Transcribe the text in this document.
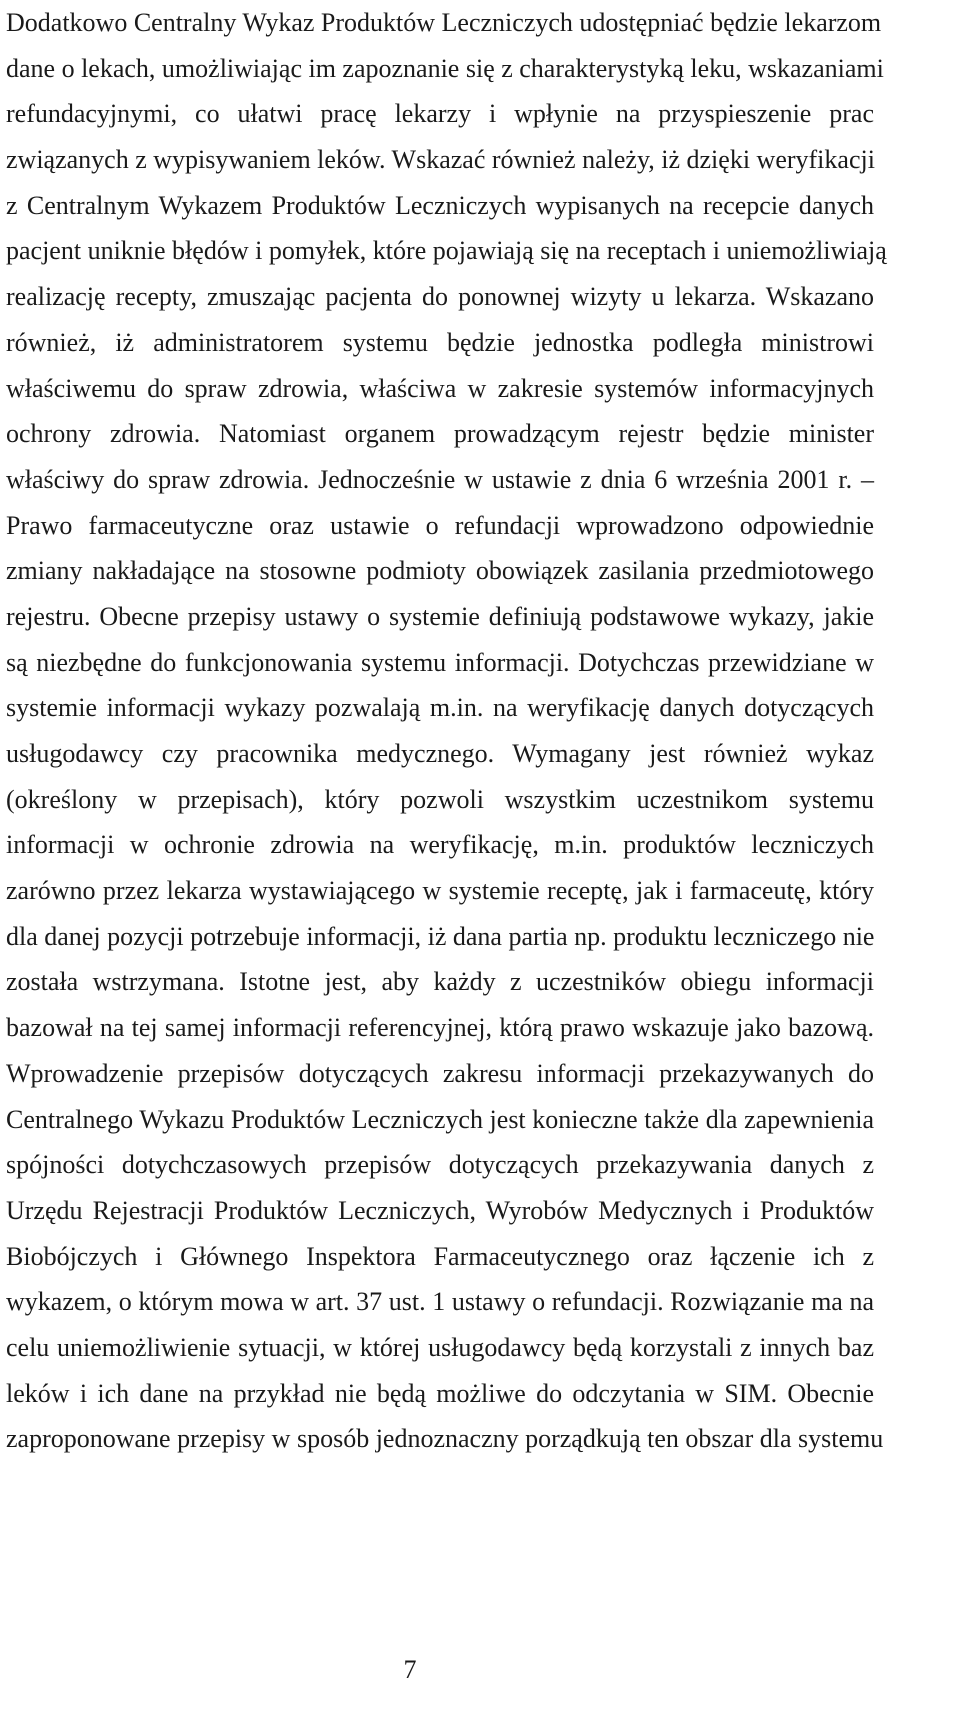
Dodatkowo Centralny Wykaz Produktów Leczniczych udostępniać będzie lekarzom
dane o lekach, umożliwiając im zapoznanie się z charakterystyką leku, wskazaniami
refundacyjnymi, co ułatwi pracę lekarzy i wpłynie na przyspieszenie prac
związanych z wypisywaniem leków. Wskazać również należy, iż dzięki weryfikacji
z Centralnym Wykazem Produktów Leczniczych wypisanych na recepcie danych
pacjent uniknie błędów i pomyłek, które pojawiają się na receptach i uniemożliwiają
realizację recepty, zmuszając pacjenta do ponownej wizyty u lekarza. Wskazano
również, iż administratorem systemu będzie jednostka podległa ministrowi
właściwemu do spraw zdrowia, właściwa w zakresie systemów informacyjnych
ochrony zdrowia. Natomiast organem prowadzącym rejestr będzie minister
właściwy do spraw zdrowia. Jednocześnie w ustawie z dnia 6 września 2001 r. –
Prawo farmaceutyczne oraz ustawie o refundacji wprowadzono odpowiednie
zmiany nakładające na stosowne podmioty obowiązek zasilania przedmiotowego
rejestru. Obecne przepisy ustawy o systemie definiują podstawowe wykazy, jakie
są niezbędne do funkcjonowania systemu informacji. Dotychczas przewidziane w
systemie informacji wykazy pozwalają m.in. na weryfikację danych dotyczących
usługodawcy czy pracownika medycznego. Wymagany jest również wykaz
(określony w przepisach), który pozwoli wszystkim uczestnikom systemu
informacji w ochronie zdrowia na weryfikację, m.in. produktów leczniczych
zarówno przez lekarza wystawiającego w systemie receptę, jak i farmaceutę, który
dla danej pozycji potrzebuje informacji, iż dana partia np. produktu leczniczego nie
została wstrzymana. Istotne jest, aby każdy z uczestników obiegu informacji
bazował na tej samej informacji referencyjnej, którą prawo wskazuje jako bazową.
Wprowadzenie przepisów dotyczących zakresu informacji przekazywanych do
Centralnego Wykazu Produktów Leczniczych jest konieczne także dla zapewnienia
spójności dotychczasowych przepisów dotyczących przekazywania danych z
Urzędu Rejestracji Produktów Leczniczych, Wyrobów Medycznych i Produktów
Biobójczych i Głównego Inspektora Farmaceutycznego oraz łączenie ich z
wykazem, o którym mowa w art. 37 ust. 1 ustawy o refundacji. Rozwiązanie ma na
celu uniemożliwienie sytuacji, w której usługodawcy będą korzystali z innych baz
leków i ich dane na przykład nie będą możliwe do odczytania w SIM. Obecnie
zaproponowane przepisy w sposób jednoznaczny porządkują ten obszar dla systemu
7
